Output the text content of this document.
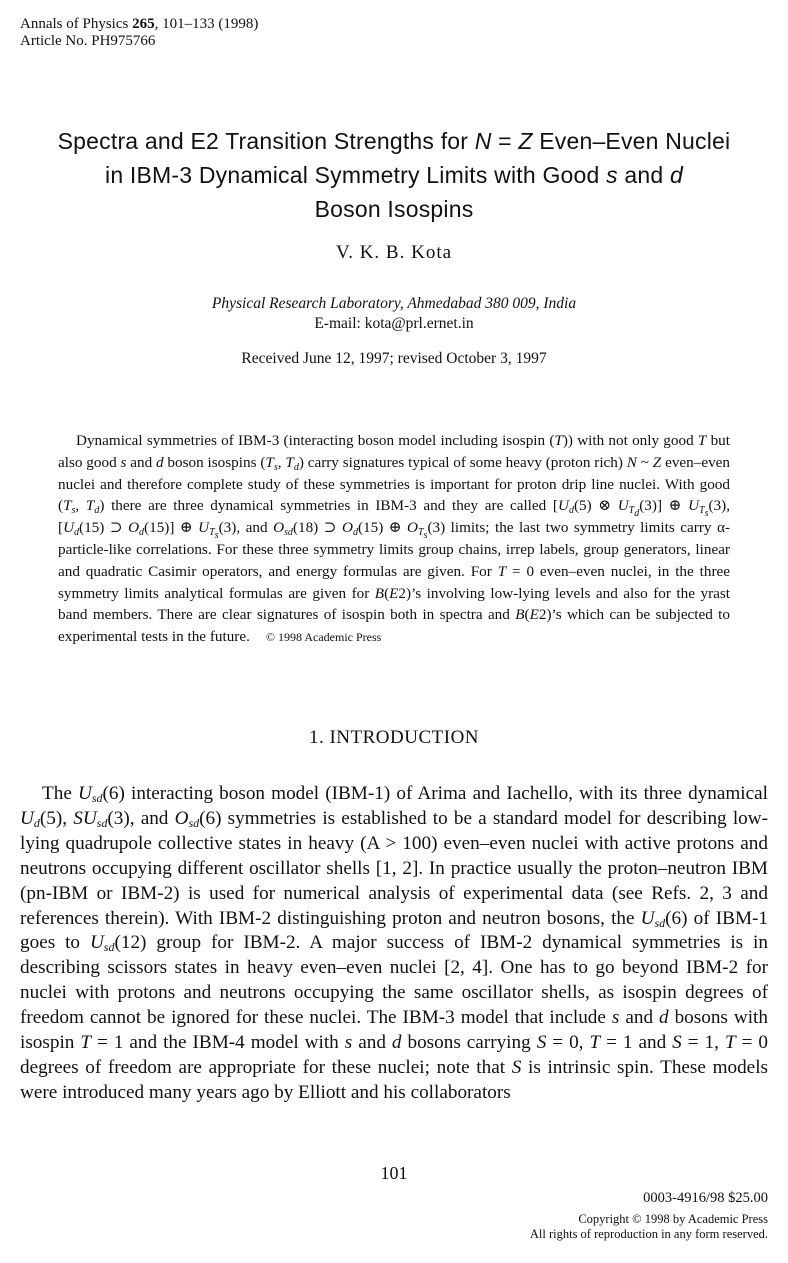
Annals of Physics 265, 101–133 (1998)
Article No. PH975766
Spectra and E2 Transition Strengths for N = Z Even–Even Nuclei
in IBM-3 Dynamical Symmetry Limits with Good s and d
Boson Isospins
V. K. B. Kota
Physical Research Laboratory, Ahmedabad 380 009, India
E-mail: kota@prl.ernet.in
Received June 12, 1997; revised October 3, 1997
Dynamical symmetries of IBM-3 (interacting boson model including isospin (T)) with not only good T but also good s and d boson isospins ($T_s$, $T_d$) carry signatures typical of some heavy (proton rich) N ~ Z even–even nuclei and therefore complete study of these symmetries is important for proton drip line nuclei. With good ($T_s$, $T_d$) there are three dynamical symmetries in IBM-3 and they are called [$U_d(5)$ ⊗ $U_{T_d}(3)$] ⊕ $U_{T_s}(3)$, [$U_d(15)$ ⊃ $O_d(15)$] ⊕ $U_{T_s}(3)$, and $O_{sd}(18)$ ⊃ $O_d(15)$ ⊕ $O_{T_s}(3)$ limits; the last two symmetry limits carry α-particle-like correlations. For these three symmetry limits group chains, irrep labels, group generators, linear and quadratic Casimir operators, and energy formulas are given. For T = 0 even–even nuclei, in the three symmetry limits analytical formulas are given for B(E2)’s involving low-lying levels and also for the yrast band members. There are clear signatures of isospin both in spectra and B(E2)’s which can be subjected to experimental tests in the future. © 1998 Academic Press
1. INTRODUCTION
The $U_{sd}(6)$ interacting boson model (IBM-1) of Arima and Iachello, with its three dynamical $U_d(5)$, $SU_{sd}(3)$, and $O_{sd}(6)$ symmetries is established to be a standard model for describing low-lying quadrupole collective states in heavy (A > 100) even–even nuclei with active protons and neutrons occupying different oscillator shells [1, 2]. In practice usually the proton–neutron IBM (pn-IBM or IBM-2) is used for numerical analysis of experimental data (see Refs. 2, 3 and references therein). With IBM-2 distinguishing proton and neutron bosons, the $U_{sd}(6)$ of IBM-1 goes to $U_{sd}(12)$ group for IBM-2. A major success of IBM-2 dynamical symmetries is in describing scissors states in heavy even–even nuclei [2, 4]. One has to go beyond IBM-2 for nuclei with protons and neutrons occupying the same oscillator shells, as isospin degrees of freedom cannot be ignored for these nuclei. The IBM-3 model that include s and d bosons with isospin T = 1 and the IBM-4 model with s and d bosons carrying S = 0, T = 1 and S = 1, T = 0 degrees of freedom are appropriate for these nuclei; note that S is intrinsic spin. These models were introduced many years ago by Elliott and his collaborators
101
0003-4916/98 $25.00
Copyright © 1998 by Academic Press
All rights of reproduction in any form reserved.
